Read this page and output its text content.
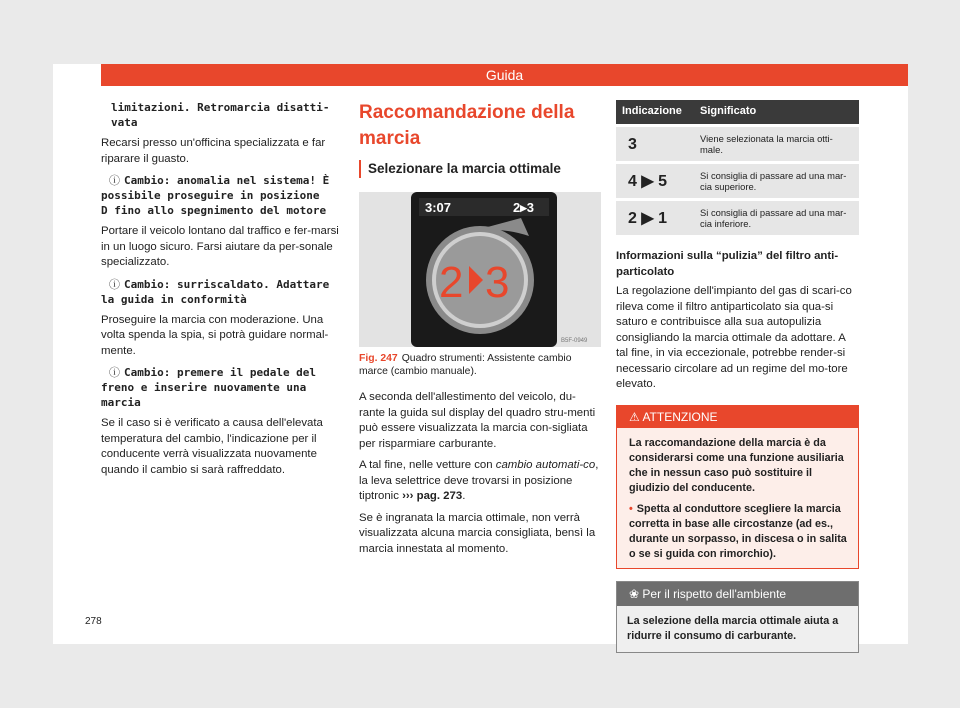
Guida
limitazioni. Retromarcia disatti-
vata

Recarsi presso un'officina specializzata e far riparare il guasto.

ⓘ Cambio: anomalia nel sistema! È
possibile proseguire in posizione
D fino allo spegnimento del motore

Portare il veicolo lontano dal traffico e fer-marsi in un luogo sicuro. Farsi aiutare da per-sonale specializzato.

ⓘ Cambio: surriscaldato. Adattare
la guida in conformità

Proseguire la marcia con moderazione. Una volta spenda la spia, si potrà guidare normal-mente.

ⓘ Cambio: premere il pedale del
freno e inserire nuovamente una
marcia

Se il caso si è verificato a causa dell'elevata temperatura del cambio, l'indicazione per il conducente verrà visualizzata nuovamente quando il cambio si sarà raffreddato.

Raccomandazione della
marcia
Selezionare la marcia ottimale
3:07	2▸3
2 3
B5F-0949
Fig. 247 Quadro strumenti: Assistente cambio marce (cambio manuale).

A seconda dell'allestimento del veicolo, du-rante la guida sul display del quadro stru-menti può essere visualizzata la marcia con-sigliata per risparmiare carburante.

A tal fine, nelle vetture con cambio automati-co, la leva selettrice deve trovarsi in posizione tiptronic ››› pag. 273.

Se è ingranata la marcia ottimale, non verrà visualizzata alcuna marcia consigliata, bensì la marcia innestata al momento.

Indicazione	Significato
3	Viene selezionata la marcia otti-male.
4 ▶ 5	Si consiglia di passare ad una mar-cia superiore.
2 ▶ 1	Si consiglia di passare ad una mar-cia inferiore.

Informazioni sulla “pulizia” del filtro anti-particolato

La regolazione dell'impianto del gas di scari-co rileva come il filtro antiparticolato sia qua-si saturo e contribuisce alla sua autopulizia consigliando la marcia ottimale da adottare. A tal fine, in via eccezionale, potrebbe render-si necessario circolare ad un regime del mo-tore elevato.

⚠ ATTENZIONE

La raccomandazione della marcia è da considerarsi come una funzione ausiliaria che in nessun caso può sostituire il giudizio del conducente.

• Spetta al conduttore scegliere la marcia corretta in base alle circostanze (ad es., durante un sorpasso, in discesa o in salita o se si guida con rimorchio).

❀ Per il rispetto dell'ambiente
La selezione della marcia ottimale aiuta a ridurre il consumo di carburante.
278
